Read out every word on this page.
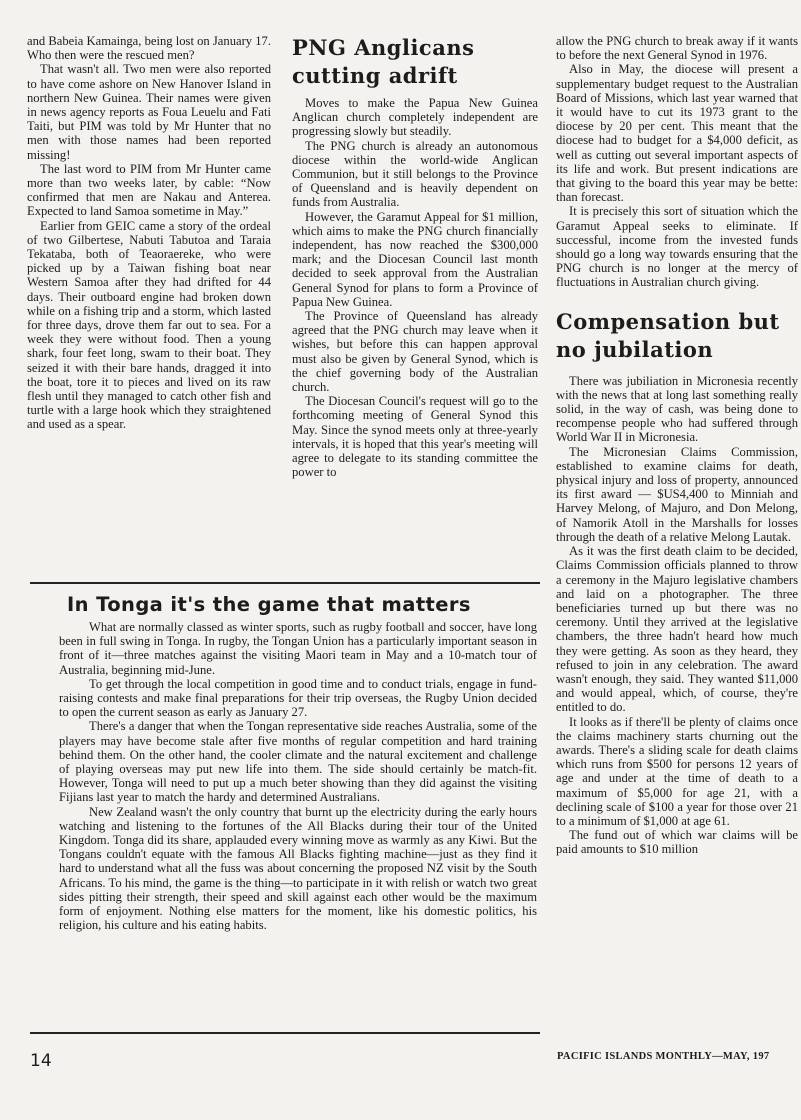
and Babeia Kamainga, being lost on January 17. Who then were the rescued men?

That wasn't all. Two men were also reported to have come ashore on New Hanover Island in northern New Guinea. Their names were given in news agency reports as Foua Leuelu and Fati Taiti, but PIM was told by Mr Hunter that no men with those names had been reported missing!

The last word to PIM from Mr Hunter came more than two weeks later, by cable: “Now confirmed that men are Nakau and Anterea. Expected to land Samoa sometime in May.”

Earlier from GEIC came a story of the ordeal of two Gilbertese, Nabuti Tabutoa and Taraia Tekataba, both of Teaoraereke, who were picked up by a Taiwan fishing boat near Western Samoa after they had drifted for 44 days. Their outboard engine had broken down while on a fishing trip and a storm, which lasted for three days, drove them far out to sea. For a week they were without food. Then a young shark, four feet long, swam to their boat. They seized it with their bare hands, dragged it into the boat, tore it to pieces and lived on its raw flesh until they managed to catch other fish and turtle with a large hook which they straightened and used as a spear.

PNG Anglicans cutting adrift

Moves to make the Papua New Guinea Anglican church completely independent are progressing slowly but steadily.

The PNG church is already an autonomous diocese within the world-wide Anglican Communion, but it still belongs to the Province of Queensland and is heavily dependent on funds from Australia.

However, the Garamut Appeal for $1 million, which aims to make the PNG church financially independent, has now reached the $300,000 mark; and the Diocesan Council last month decided to seek approval from the Australian General Synod for plans to form a Province of Papua New Guinea.

The Province of Queensland has already agreed that the PNG church may leave when it wishes, but before this can happen approval must also be given by General Synod, which is the chief governing body of the Australian church.

The Diocesan Council's request will go to the forthcoming meeting of General Synod this May. Since the synod meets only at three-yearly intervals, it is hoped that this year's meeting will agree to delegate to its standing committee the power to

allow the PNG church to break away if it wants to before the next General Synod in 1976.

Also in May, the diocese will present a supplementary budget request to the Australian Board of Missions, which last year warned that it would have to cut its 1973 grant to the diocese by 20 per cent. This meant that the diocese had to budget for a $4,000 deficit, as well as cutting out several important aspects of its life and work. But present indications are that giving to the board this year may be bette: than forecast.

It is precisely this sort of situation which the Garamut Appeal seeks to eliminate. If successful, income from the invested funds should go a long way towards ensuring that the PNG church is no longer at the mercy of fluctuations in Australian church giving.

Compensation but no jubilation

There was jubiliation in Micronesia recently with the news that at long last something really solid, in the way of cash, was being done to recompense people who had suffered through World War II in Micronesia.

The Micronesian Claims Commission, established to examine claims for death, physical injury and loss of property, announced its first award — $US4,400 to Minniah and Harvey Melong, of Majuro, and Don Melong, of Namorik Atoll in the Marshalls for losses through the death of a relative Melong Lautak.

As it was the first death claim to be decided, Claims Commission officials planned to throw a ceremony in the Majuro legislative chambers and laid on a photographer. The three beneficiaries turned up but there was no ceremony. Until they arrived at the legislative chambers, the three hadn't heard how much they were getting. As soon as they heard, they refused to join in any celebration. The award wasn't enough, they said. They wanted $11,000 and would appeal, which, of course, they're entitled to do.

It looks as if there'll be plenty of claims once the claims machinery starts churning out the awards. There's a sliding scale for death claims which runs from $500 for persons 12 years of age and under at the time of death to a maximum of $5,000 for age 21, with a declining scale of $100 a year for those over 21 to a minimum of $1,000 at age 61.

The fund out of which war claims will be paid amounts to $10 million

In Tonga it's the game that matters

What are normally classed as winter sports, such as rugby football and soccer, have long been in full swing in Tonga. In rugby, the Tongan Union has a particularly important season in front of it—three matches against the visiting Maori team in May and a 10-match tour of Australia, beginning mid-June.

To get through the local competition in good time and to conduct trials, engage in fund-raising contests and make final preparations for their trip overseas, the Rugby Union decided to open the current season as early as January 27.

There's a danger that when the Tongan representative side reaches Australia, some of the players may have become stale after five months of regular competition and hard training behind them. On the other hand, the cooler climate and the natural excitement and challenge of playing overseas may put new life into them. The side should certainly be match-fit. However, Tonga will need to put up a much beter showing than they did against the visiting Fijians last year to match the hardy and determined Australians.

New Zealand wasn't the only country that burnt up the electricity during the early hours watching and listening to the fortunes of the All Blacks during their tour of the United Kingdom. Tonga did its share, applauded every winning move as warmly as any Kiwi. But the Tongans couldn't equate with the famous All Blacks fighting machine—just as they find it hard to understand what all the fuss was about concerning the proposed NZ visit by the South Africans. To his mind, the game is the thing—to participate in it with relish or watch two great sides pitting their strength, their speed and skill against each other would be the maximum form of enjoyment. Nothing else matters for the moment, like his domestic politics, his religion, his culture and his eating habits.

14	PACIFIC ISLANDS MONTHLY—MAY, 197
